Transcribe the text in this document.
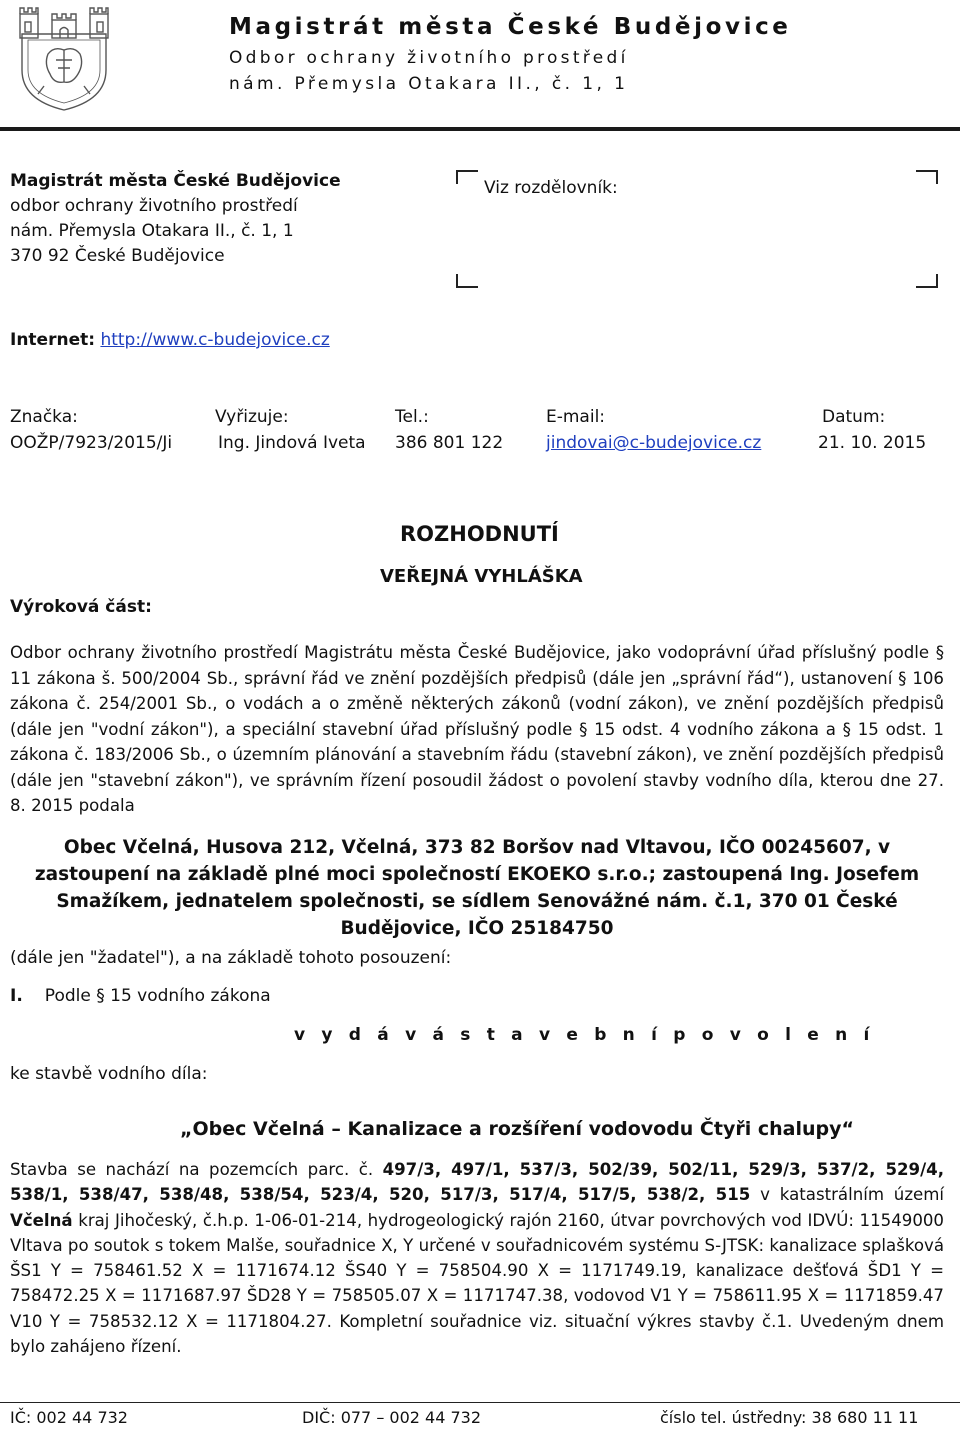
Magistrát města České Budějovice
Odbor ochrany životního prostředí
nám. Přemysla Otakara II., č. 1, 1
Magistrát města České Budějovice
odbor ochrany životního prostředí
nám. Přemysla Otakara II., č. 1, 1
370 92 České Budějovice
Viz rozdělovník:
Internet: http://www.c-budejovice.cz
Značka:
OOŽP/7923/2015/Ji
Vyřizuje:
Ing. Jindová Iveta
Tel.:
386 801 122
E-mail:
jindovai@c-budejovice.cz
Datum:
21. 10. 2015
ROZHODNUTÍ
VEŘEJNÁ VYHLÁŠKA
Výroková část:
Odbor ochrany životního prostředí Magistrátu města České Budějovice, jako vodoprávní úřad příslušný podle § 11 zákona š. 500/2004 Sb., správní řád ve znění pozdějších předpisů (dále jen „správní řád“), ustanovení § 106 zákona č. 254/2001 Sb., o vodách a o změně některých zákonů (vodní zákon), ve znění pozdějších předpisů (dále jen "vodní zákon"), a speciální stavební úřad příslušný podle § 15 odst. 4 vodního zákona a § 15 odst. 1 zákona č. 183/2006 Sb., o územním plánování a stavebním řádu (stavební zákon), ve znění pozdějších předpisů (dále jen "stavební zákon"), ve správním řízení posoudil žádost o povolení stavby vodního díla, kterou dne 27. 8. 2015 podala
Obec Včelná, Husova 212, Včelná, 373 82 Boršov nad Vltavou, IČO 00245607, v zastoupení na základě plné moci společností EKOEKO s.r.o.; zastoupená Ing. Josefem Smažíkem, jednatelem společnosti, se sídlem Senovážné nám. č.1, 370 01 České Budějovice, IČO 25184750
(dále jen "žadatel"), a na základě tohoto posouzení:
I. Podle § 15 vodního zákona
v y d á v á s t a v e b n í p o v o l e n í
ke stavbě vodního díla:
„Obec Včelná – Kanalizace a rozšíření vodovodu Čtyři chalupy“
Stavba se nachází na pozemcích parc. č. 497/3, 497/1, 537/3, 502/39, 502/11, 529/3, 537/2, 529/4, 538/1, 538/47, 538/48, 538/54, 523/4, 520, 517/3, 517/4, 517/5, 538/2, 515 v katastrálním území Včelná kraj Jihočeský, č.h.p. 1-06-01-214, hydrogeologický rajón 2160, útvar povrchových vod IDVÚ: 11549000 Vltava po soutok s tokem Malše, souřadnice X, Y určené v souřadnicovém systému S-JTSK: kanalizace splašková ŠS1 Y = 758461.52 X = 1171674.12 ŠS40 Y = 758504.90 X = 1171749.19, kanalizace dešťová ŠD1 Y = 758472.25 X = 1171687.97 ŠD28 Y = 758505.07 X = 1171747.38, vodovod V1 Y = 758611.95 X = 1171859.47 V10 Y = 758532.12 X = 1171804.27. Kompletní souřadnice viz. situační výkres stavby č.1. Uvedeným dnem bylo zahájeno řízení.
IČ: 002 44 732	DIČ: 077 – 002 44 732	číslo tel. ústředny: 38 680 11 11
